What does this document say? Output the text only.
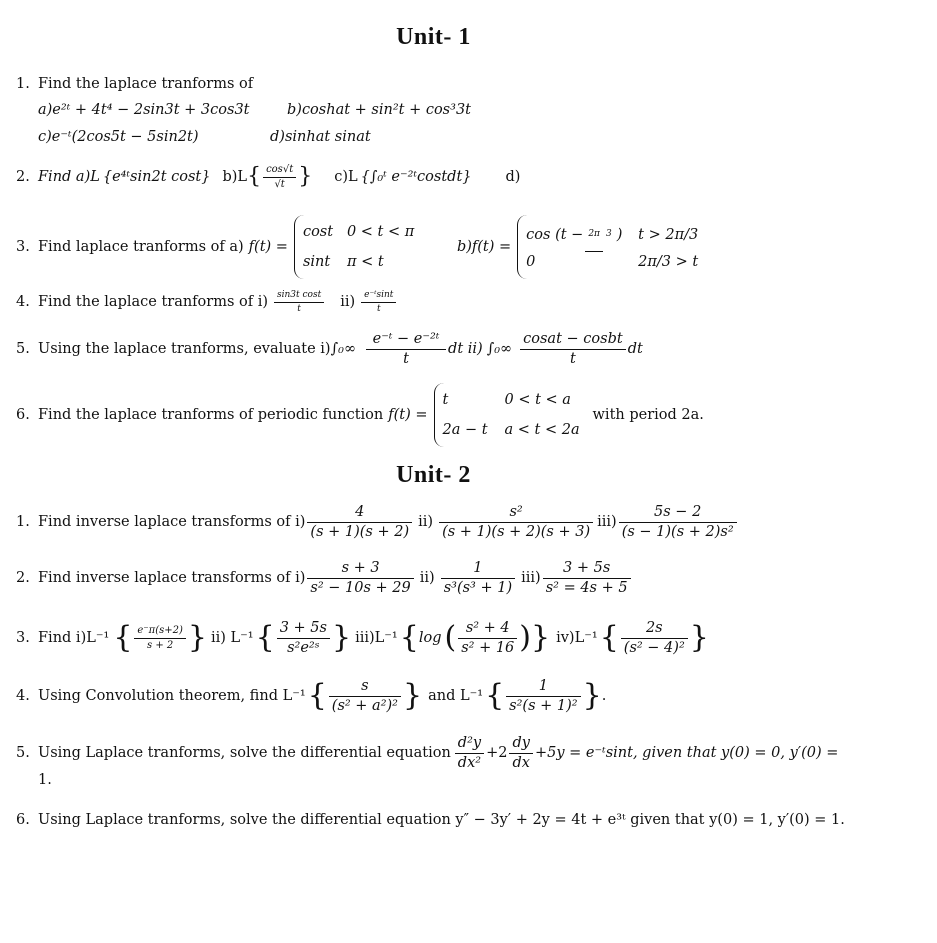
Unit- 1
1. Find the laplace tranforms of
a)e²ᵗ + 4t⁴ − 2sin3t + 3cos3t	b)coshat + sin²t + cos³3t
c)e⁻ᵗ(2cos5t − 5sin2t)	d)sinhat sinat
2. Find a)L {e⁴ᵗsin2t cost} b)L { $\frac{\cos√t}{√t}$ } c)L {∫₀ᵗ e⁻²ᵗcostdt} d)
3. Find laplace tranforms of a) f(t) =
cost 0 < t < π
sint π < t
b)f(t) =
cos (t −2π 3 ) t > 2π/3
0	2π/3 > t
4. Find the laplace tranforms of $i) \frac{\text{sin3t cost}}{t} ii) \frac{\text{e⁻ᵗsint}}{t}$
5. Using the laplace tranforms, evaluate i) $\int_0\infty \frac{\text{e⁻ᵗ − e⁻²ᵗ}}{t}$ dt ii) $\int_0\infty \frac{\text{cosat − cosbt}}{t}$ dt
6. Find the laplace tranforms of periodic function f(t) =
t	0 < t < a
2a − t a < t < 2a
with period 2a.
Unit- 2
1. Find inverse laplace transforms of $i) \frac{4}{(s + 1)(s + 2)} ii) \frac{\text{s²}}{(s + 1)(s + 2)(s + 3)} iii) \frac{5s - 2}{\text{(s − 1)(s + 2)s²}}$
2. Find inverse laplace transforms of $i) \frac{s + 3}{\text{s² − 10s + 29}} ii) \frac{1}{\text{s³(s³ + 1)}} iii) \frac{3 + 5s}{\text{s² = 4s + 5}}$
3. Find i)L⁻¹ { $\frac{e^-\pi(s+2)}{s + 2}$ } ii) L⁻¹ { $\frac{3 + 5s}{\text{s²e²ˢ}}$ } iii)L⁻¹ { log ( $\frac{\text{s² + 4}}{\text{s² + 16}}$ ) } iv)L⁻¹ { $\frac{2s}{\text{(s² − 4)²}}$ }
4. Using Convolution theorem, find L⁻¹ { $\frac{s}{\text{(s² + a²)²}}$ } and L⁻¹ { $\frac{1}{\text{s²(s + 1)²}}$ } .
5. Using Laplace tranforms, solve the differential equation $\frac{\text{d²y}}{\text{dx²}} +2 \frac{dy}{dx} +5y$ = e⁻ᵗsint, given that y(0) = 0, y′(0) =
1.
6. Using Laplace tranforms, solve the differential equation y″ − 3y′ + 2y = 4t + e³ᵗ given that y(0) = 1, y′(0) = 1.
